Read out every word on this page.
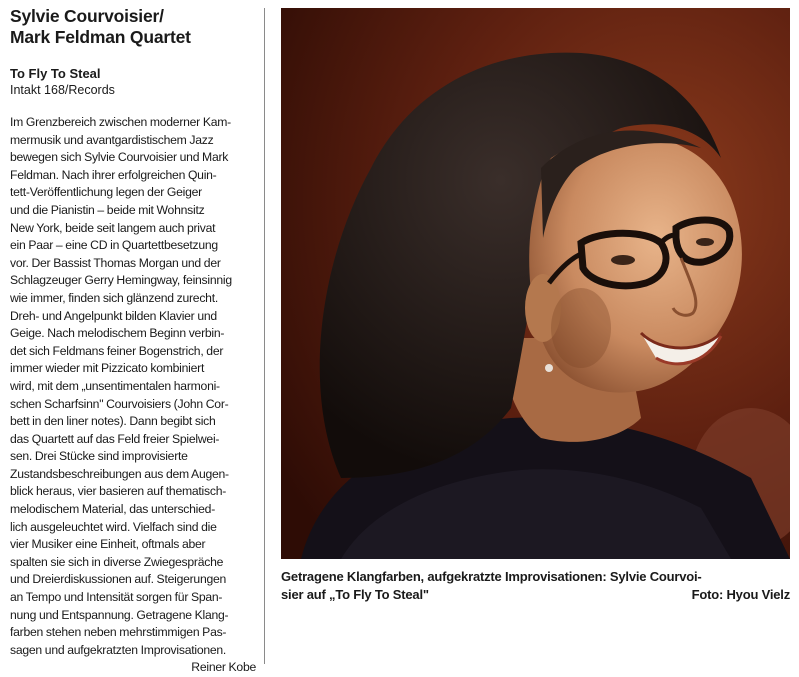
Sylvie Courvoisier/
Mark Feldman Quartet
To Fly To Steal
Intakt 168/Records
Im Grenzbereich zwischen moderner Kam-
mermusik und avantgardistischem Jazz
bewegen sich Sylvie Courvoisier und Mark
Feldman. Nach ihrer erfolgreichen Quin-
tett-Veröffentlichung legen der Geiger
und die Pianistin – beide mit Wohnsitz
New York, beide seit langem auch privat
ein Paar – eine CD in Quartettbesetzung
vor. Der Bassist Thomas Morgan und der
Schlagzeuger Gerry Hemingway, feinsinnig
wie immer, finden sich glänzend zurecht.
Dreh- und Angelpunkt bilden Klavier und
Geige. Nach melodischem Beginn verbin-
det sich Feldmans feiner Bogenstrich, der
immer wieder mit Pizzicato kombiniert
wird, mit dem „unsentimentalen harmoni-
schen Scharfsinn" Courvoisiers (John Cor-
bett in den liner notes). Dann begibt sich
das Quartett auf das Feld freier Spielwei-
sen. Drei Stücke sind improvisierte
Zustandsbeschreibungen aus dem Augen-
blick heraus, vier basieren auf thematisch-
melodischem Material, das unterschied-
lich ausgeleuchtet wird. Vielfach sind die
vier Musiker eine Einheit, oftmals aber
spalten sie sich in diverse Zwiegespräche
und Dreierdiskussionen auf. Steigerungen
an Tempo und Intensität sorgen für Span-
nung und Entspannung. Getragene Klang-
farben stehen neben mehrstimmigen Pas-
sagen und aufgekratzten Improvisationen.
Reiner Kobe
Getragene Klangfarben, aufgekratzte Improvisationen: Sylvie Courvoi-
sier auf „To Fly To Steal"	Foto: Hyou Vielz
